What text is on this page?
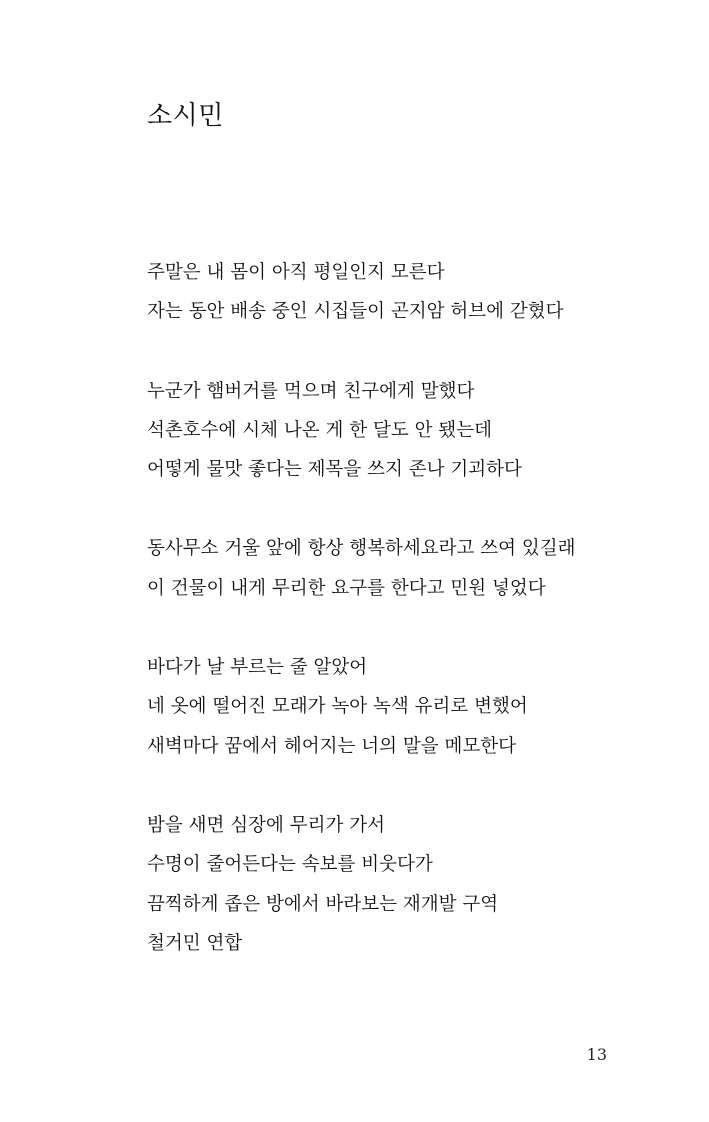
소시민
주말은 내 몸이 아직 평일인지 모른다
자는 동안 배송 중인 시집들이 곤지암 허브에 갇혔다
누군가 햄버거를 먹으며 친구에게 말했다
석촌호수에 시체 나온 게 한 달도 안 됐는데
어떻게 물맛 좋다는 제목을 쓰지 존나 기괴하다
동사무소 거울 앞에 항상 행복하세요라고 쓰여 있길래
이 건물이 내게 무리한 요구를 한다고 민원 넣었다
바다가 날 부르는 줄 알았어
네 옷에 떨어진 모래가 녹아 녹색 유리로 변했어
새벽마다 꿈에서 헤어지는 너의 말을 메모한다
밤을 새면 심장에 무리가 가서
수명이 줄어든다는 속보를 비웃다가
끔찍하게 좁은 방에서 바라보는 재개발 구역
철거민 연합
13
